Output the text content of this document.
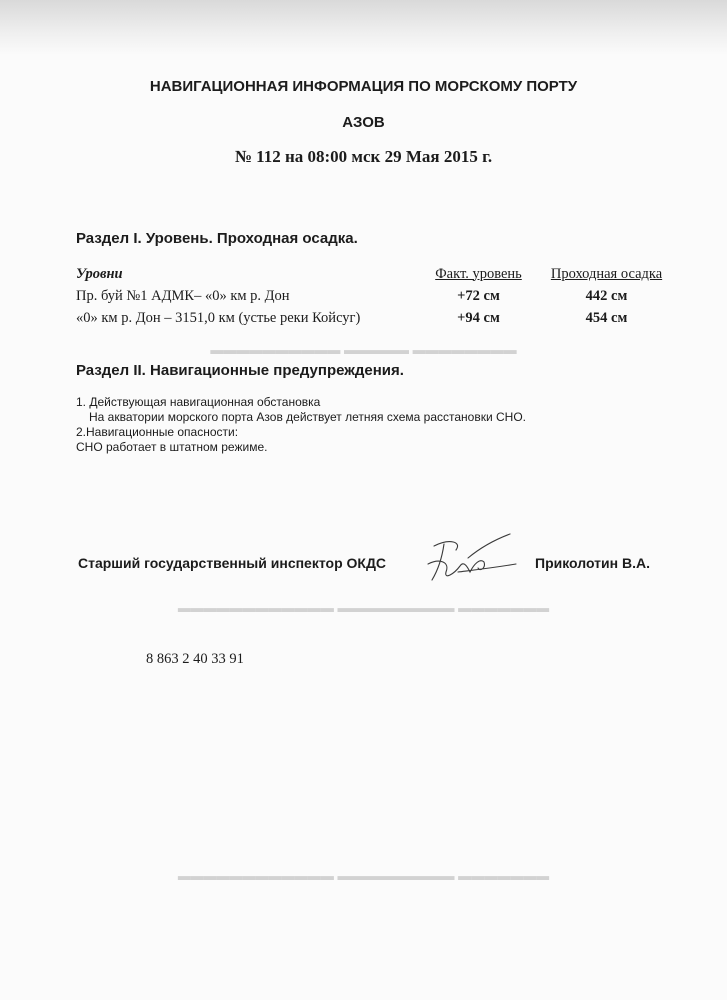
▬▬▬▬▬▬▬▬▬▬ ▬▬▬▬▬ ▬▬▬▬▬▬▬▬
▬▬▬▬▬▬▬▬▬▬▬▬ ▬▬▬▬▬▬▬▬▬ ▬▬▬▬▬▬▬
▬▬▬▬▬▬▬▬▬▬▬▬ ▬▬▬▬▬▬▬▬▬ ▬▬▬▬▬▬▬
НАВИГАЦИОННАЯ ИНФОРМАЦИЯ ПО МОРСКОМУ ПОРТУ
АЗОВ
№ 112 на 08:00 мск 29 Мая 2015 г.
Раздел I. Уровень. Проходная осадка.
Уровни	Факт. уровень	Проходная осадка
Пр. буй №1 АДМК– «0» км р. Дон	+72 см	442 см
«0» км р. Дон – 3151,0 км (устье реки Койсуг)	+94 см	454 см
Раздел II. Навигационные предупреждения.
1. Действующая навигационная обстановка
На акватории морского порта Азов действует летняя схема расстановки СНО.
2.Навигационные опасности:
СНО работает в штатном режиме.
Старший государственный инспектор ОКДС	Приколотин В.А.
8 863 2 40 33 91
